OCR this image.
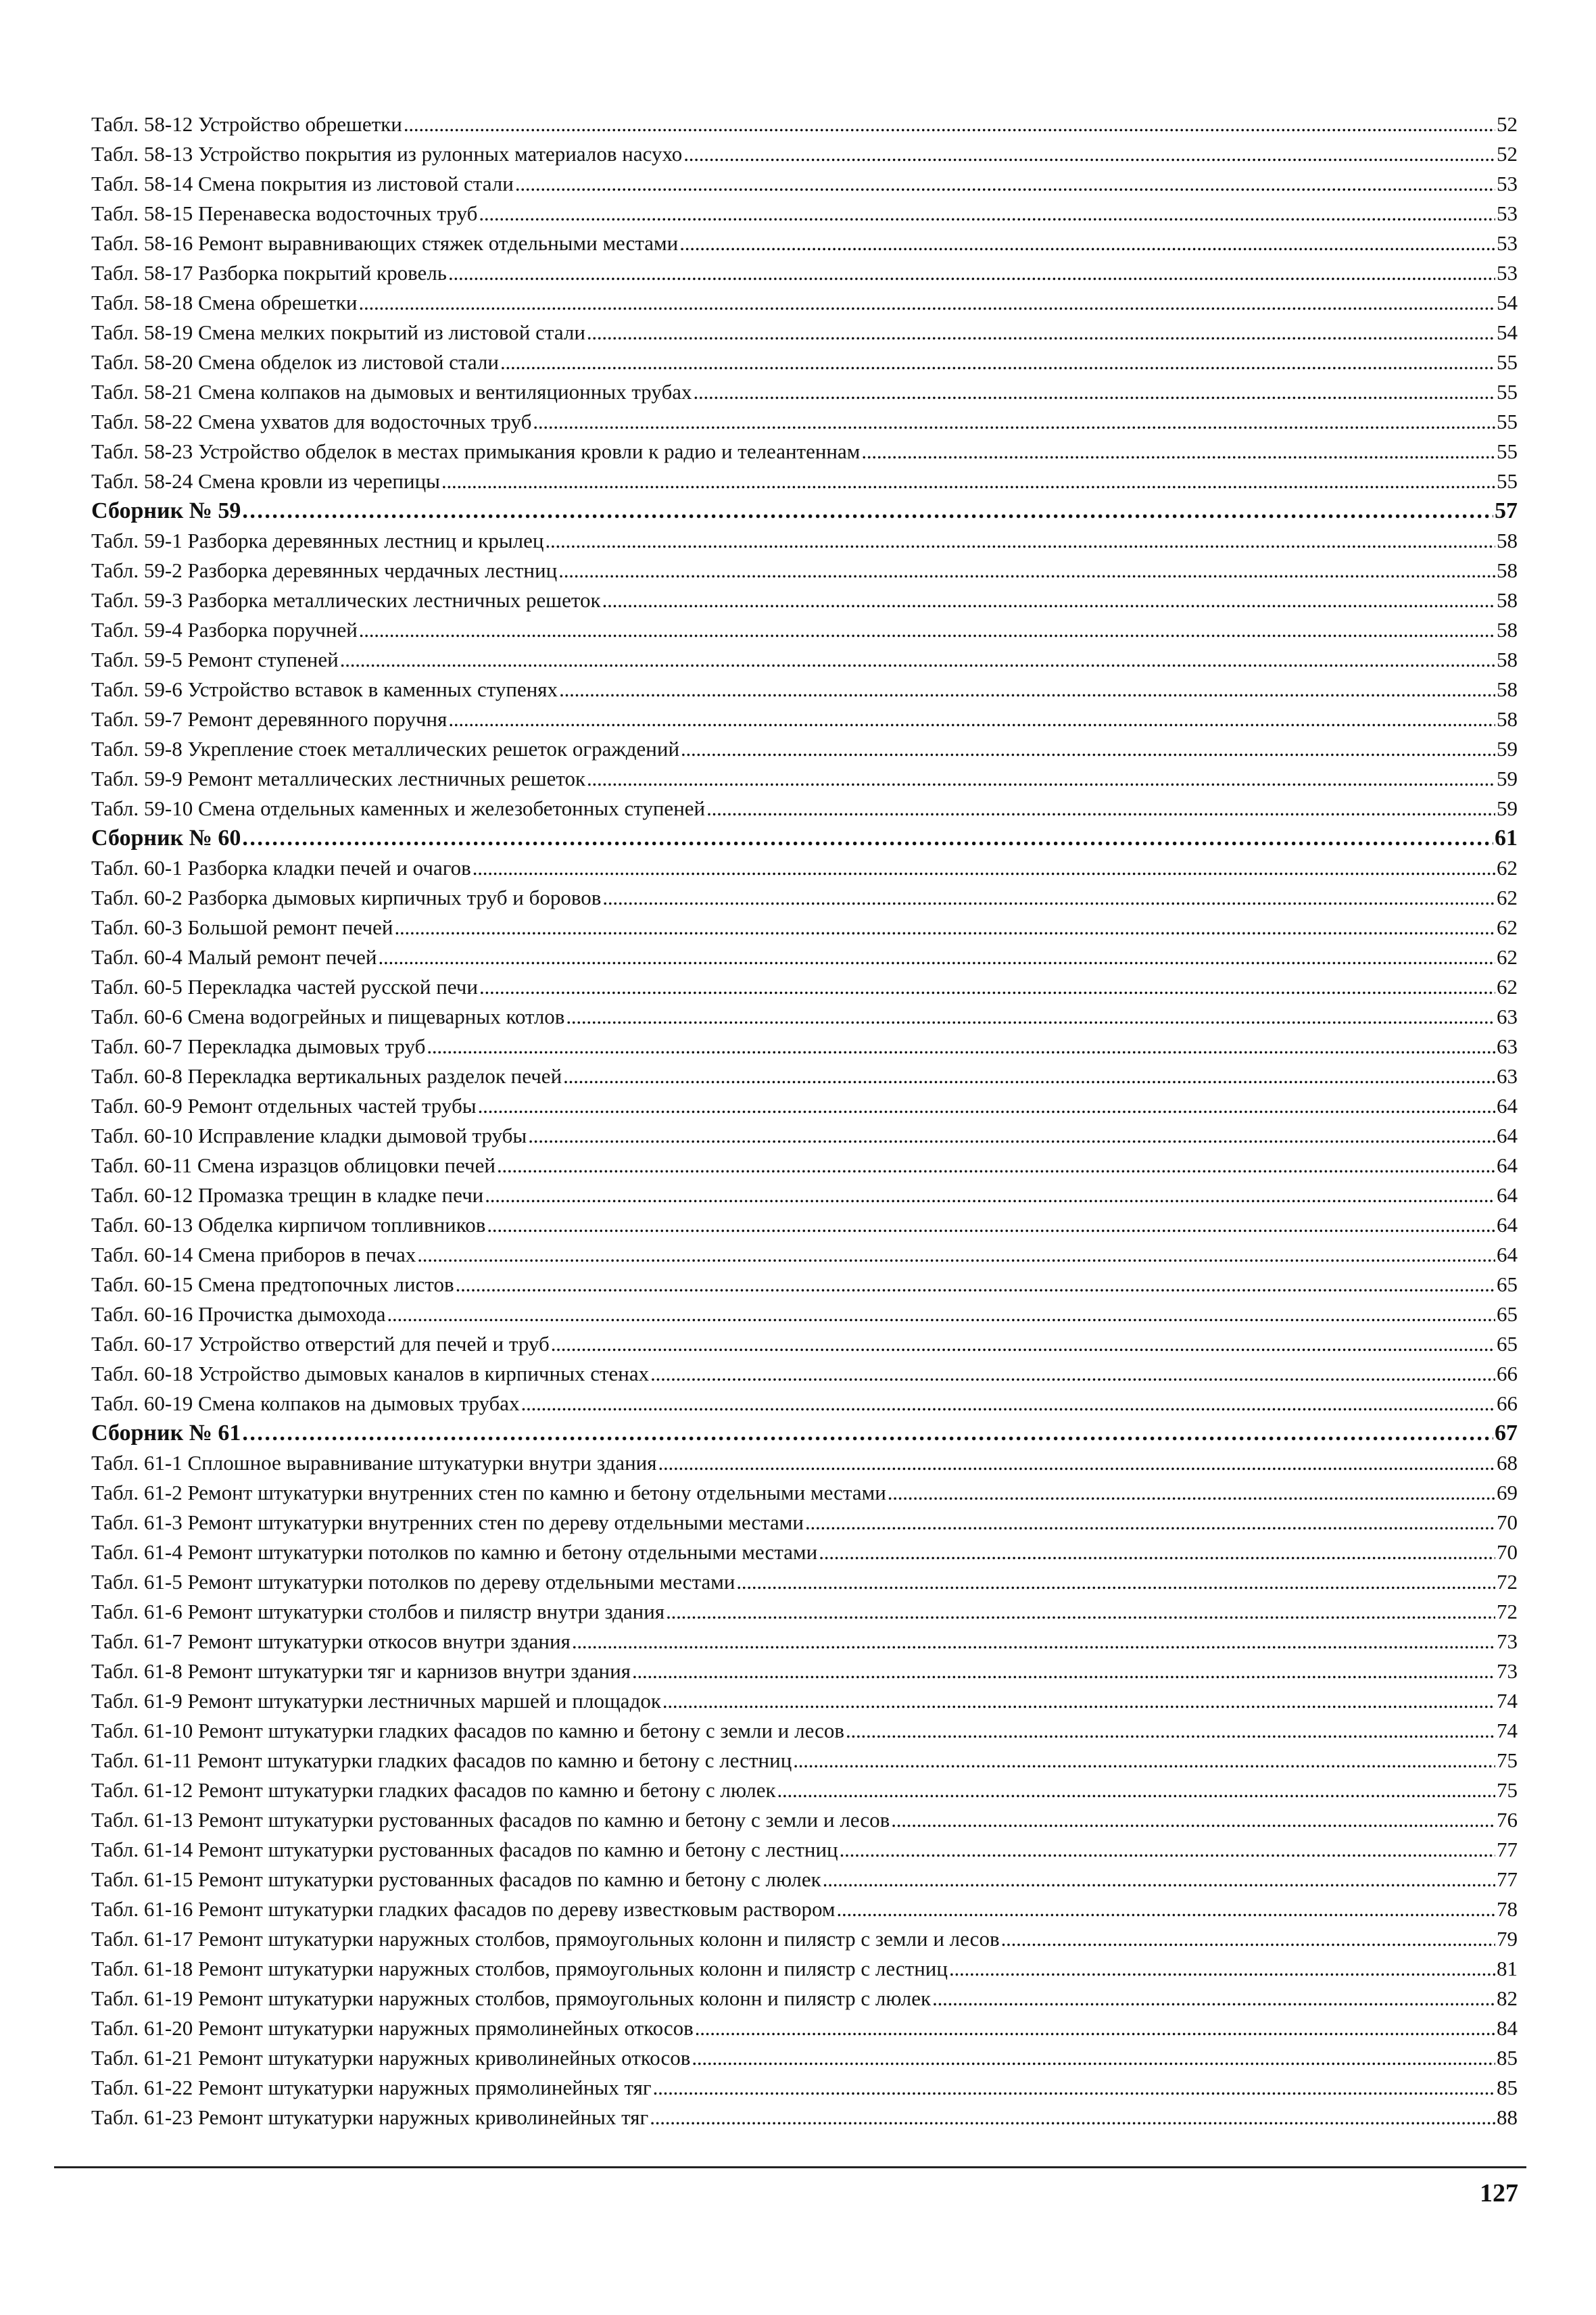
Табл. 58-12 Устройство обрешетки . . .	52
Табл. 58-13 Устройство покрытия из рулонных материалов насухо . . .	52
Табл. 58-14 Смена покрытия из листовой стали . . .	53
Табл. 58-15 Перенавеска водосточных труб . . .	53
Табл. 58-16 Ремонт выравнивающих стяжек отдельными местами . . .	53
Табл. 58-17 Разборка покрытий кровель . . .	53
Табл. 58-18 Смена обрешетки . . .	54
Табл. 58-19 Смена мелких покрытий из листовой стали . . .	54
Табл. 58-20 Смена обделок из листовой стали . . .	55
Табл. 58-21 Смена колпаков на дымовых и вентиляционных трубах . . .	55
Табл. 58-22 Смена ухватов для водосточных труб . . .	55
Табл. 58-23 Устройство обделок в местах примыкания кровли к радио и телеантеннам . . .	55
Табл. 58-24 Смена кровли из черепицы . . .	55
Сборник № 59 . . .	57
Табл. 59-1 Разборка деревянных лестниц и крылец . . .	58
Табл. 59-2 Разборка деревянных чердачных лестниц . . .	58
Табл. 59-3 Разборка металлических лестничных решеток . . .	58
Табл. 59-4 Разборка поручней . . .	58
Табл. 59-5 Ремонт ступеней . . .	58
Табл. 59-6 Устройство вставок в каменных ступенях . . .	58
Табл. 59-7 Ремонт деревянного поручня . . .	58
Табл. 59-8 Укрепление стоек металлических решеток ограждений . . .	59
Табл. 59-9 Ремонт металлических лестничных решеток . . .	59
Табл. 59-10 Смена отдельных каменных и железобетонных ступеней . . .	59
Сборник № 60 . . .	61
Табл. 60-1 Разборка кладки печей и очагов . . .	62
Табл. 60-2 Разборка дымовых кирпичных труб и боровов . . .	62
Табл. 60-3 Большой ремонт печей . . .	62
Табл. 60-4 Малый ремонт печей . . .	62
Табл. 60-5 Перекладка частей русской печи . . .	62
Табл. 60-6 Смена водогрейных и пищеварных котлов . . .	63
Табл. 60-7 Перекладка дымовых труб . . .	63
Табл. 60-8 Перекладка вертикальных разделок печей . . .	63
Табл. 60-9 Ремонт отдельных частей трубы . . .	64
Табл. 60-10 Исправление кладки дымовой трубы . . .	64
Табл. 60-11 Смена изразцов облицовки печей . . .	64
Табл. 60-12 Промазка трещин в кладке печи . . .	64
Табл. 60-13 Обделка кирпичом топливников . . .	64
Табл. 60-14 Смена приборов в печах . . .	64
Табл. 60-15 Смена предтопочных листов . . .	65
Табл. 60-16 Прочистка дымохода . . .	65
Табл. 60-17 Устройство отверстий для печей и труб . . .	65
Табл. 60-18 Устройство дымовых каналов в кирпичных стенах . . .	66
Табл. 60-19 Смена колпаков на дымовых трубах . . .	66
Сборник № 61 . . .	67
Табл. 61-1 Сплошное выравнивание штукатурки внутри здания . . .	68
Табл. 61-2 Ремонт штукатурки внутренних стен по камню и бетону отдельными местами . . .	69
Табл. 61-3 Ремонт штукатурки внутренних стен по дереву отдельными местами . . .	70
Табл. 61-4 Ремонт штукатурки потолков по камню и бетону отдельными местами . . .	70
Табл. 61-5 Ремонт штукатурки потолков по дереву отдельными местами . . .	72
Табл. 61-6 Ремонт штукатурки столбов и пилястр внутри здания . . .	72
Табл. 61-7 Ремонт штукатурки откосов внутри здания . . .	73
Табл. 61-8 Ремонт штукатурки тяг и карнизов внутри здания . . .	73
Табл. 61-9 Ремонт штукатурки лестничных маршей и площадок . . .	74
Табл. 61-10 Ремонт штукатурки гладких фасадов по камню и бетону с земли и лесов . . .	74
Табл. 61-11 Ремонт штукатурки гладких фасадов по камню и бетону с лестниц . . .	75
Табл. 61-12 Ремонт штукатурки гладких фасадов по камню и бетону с люлек . . .	75
Табл. 61-13 Ремонт штукатурки рустованных фасадов по камню и бетону с земли и лесов . . .	76
Табл. 61-14 Ремонт штукатурки рустованных фасадов по камню и бетону с лестниц . . .	77
Табл. 61-15 Ремонт штукатурки рустованных фасадов по камню и бетону с люлек . . .	77
Табл. 61-16 Ремонт штукатурки гладких фасадов по дереву известковым раствором . . .	78
Табл. 61-17 Ремонт штукатурки наружных столбов, прямоугольных колонн и пилястр с земли и лесов . . .	79
Табл. 61-18 Ремонт штукатурки наружных столбов, прямоугольных колонн и пилястр с лестниц . . .	81
Табл. 61-19 Ремонт штукатурки наружных столбов, прямоугольных колонн и пилястр с люлек . . .	82
Табл. 61-20 Ремонт штукатурки наружных прямолинейных откосов . . .	84
Табл. 61-21 Ремонт штукатурки наружных криволинейных откосов . . .	85
Табл. 61-22 Ремонт штукатурки наружных прямолинейных тяг . . .	85
Табл. 61-23 Ремонт штукатурки наружных криволинейных тяг . . .	88
127
